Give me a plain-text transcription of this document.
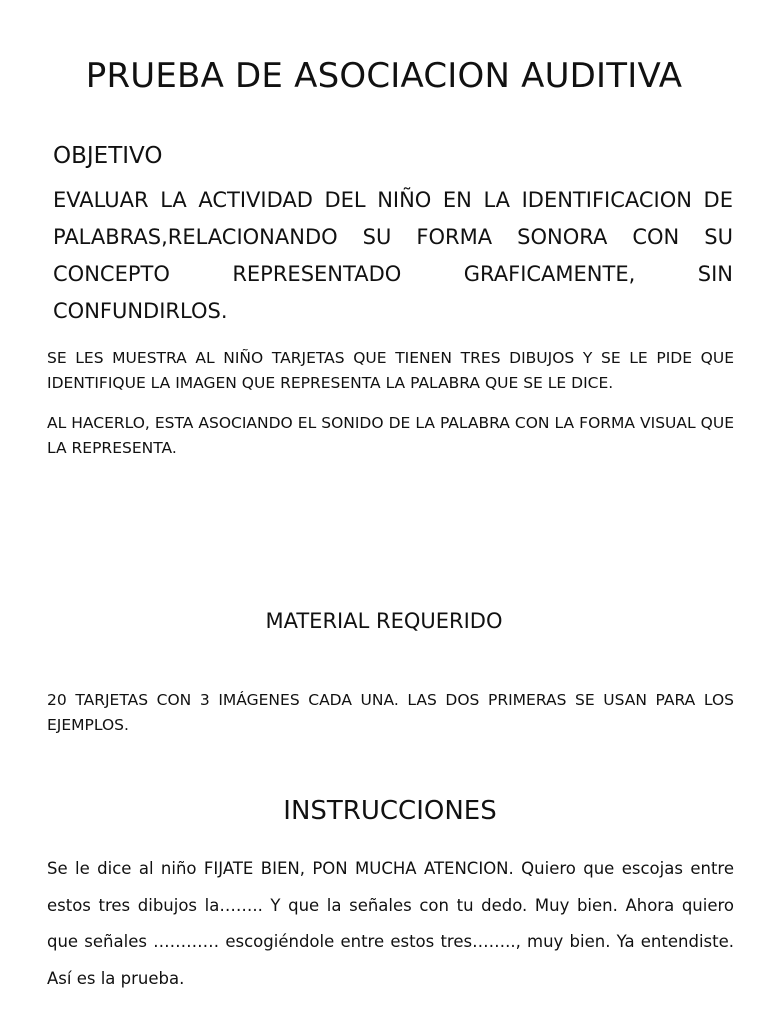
PRUEBA DE ASOCIACION AUDITIVA
OBJETIVO
EVALUAR LA ACTIVIDAD DEL NIÑO EN LA IDENTIFICACION DE PALABRAS,RELACIONANDO SU FORMA SONORA CON SU CONCEPTO REPRESENTADO GRAFICAMENTE, SIN CONFUNDIRLOS.
SE LES MUESTRA AL NIÑO TARJETAS QUE TIENEN TRES DIBUJOS Y SE LE PIDE QUE IDENTIFIQUE LA IMAGEN QUE REPRESENTA LA PALABRA QUE SE LE DICE.
AL HACERLO, ESTA ASOCIANDO EL SONIDO DE LA PALABRA CON LA FORMA VISUAL QUE LA REPRESENTA.
MATERIAL REQUERIDO
20 TARJETAS CON 3 IMÁGENES CADA UNA. LAS DOS PRIMERAS SE USAN PARA LOS EJEMPLOS.
INSTRUCCIONES
Se le dice al niño FIJATE BIEN, PON MUCHA ATENCION. Quiero que escojas entre estos tres dibujos la…….. Y que la señales con tu dedo. Muy bien. Ahora quiero que señales ………… escogiéndole entre estos tres…….., muy bien. Ya entendiste. Así es la prueba.
